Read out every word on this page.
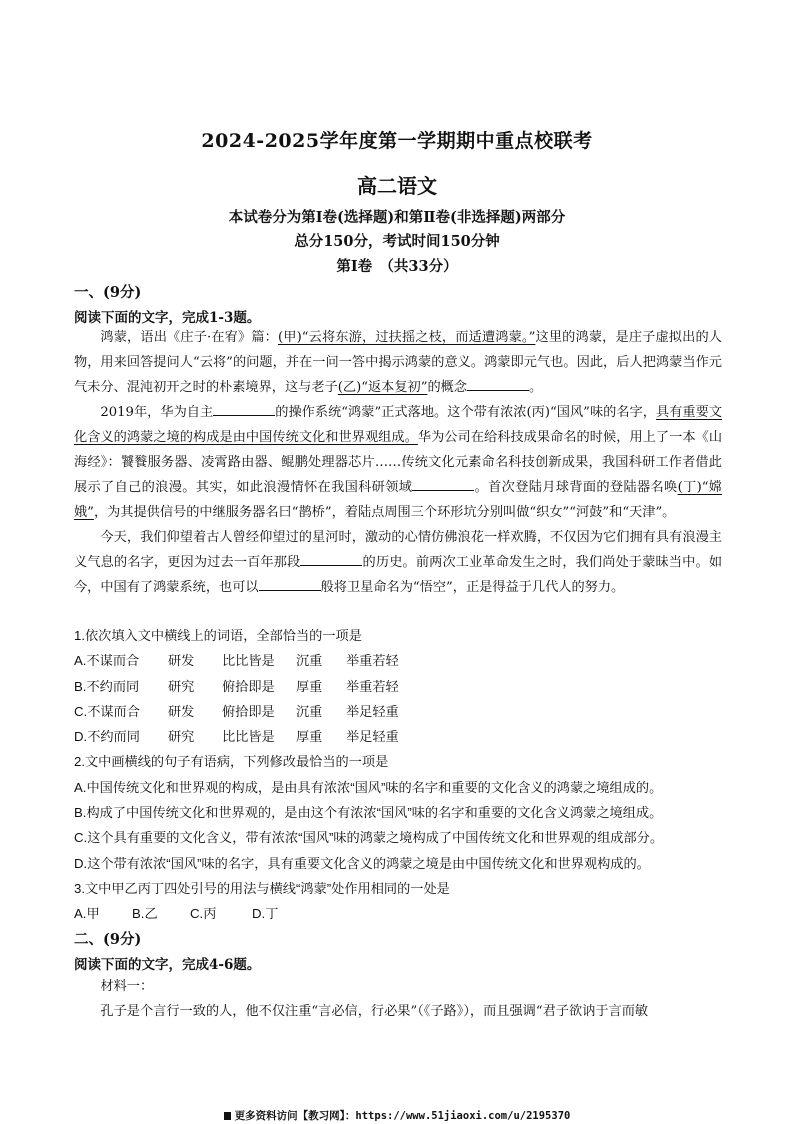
2024-2025学年度第一学期期中重点校联考
高二语文
本试卷分为第Ⅰ卷(选择题)和第Ⅱ卷(非选择题)两部分
总分150分，考试时间150分钟
第Ⅰ卷　（共33分）
一、(9分)
阅读下面的文字，完成1-3题。

鸿蒙，语出《庄子·在宥》篇：(甲)“云将东游，过扶摇之枝，而适遭鸿蒙。”这里的鸿蒙，是庄子虚拟出的人物，用来回答提问人“云将”的问题，并在一问一答中揭示鸿蒙的意义。鸿蒙即元气也。因此，后人把鸿蒙当作元气未分、混沌初开之时的朴素境界，这与老子(乙)“返本复初”的概念	。

2019年，华为自主	的操作系统“鸿蒙”正式落地。这个带有浓浓(丙)“国风”味的名字，具有重要文化含义的鸿蒙之境的构成是由中国传统文化和世界观组成。华为公司在给科技成果命名的时候，用上了一本《山海经》：饕餮服务器、凌霄路由器、鲲鹏处理器芯片……传统文化元素命名科技创新成果，我国科研工作者借此展示了自己的浪漫。其实，如此浪漫情怀在我国科研领域	。首次登陆月球背面的登陆器名唤(丁)“嫦娥”，为其提供信号的中继服务器名曰“鹊桥”，着陆点周围三个环形坑分别叫做“织女”“河鼓”和“天津”。

今天，我们仰望着古人曾经仰望过的星河时，激动的心情仿佛浪花一样欢腾，不仅因为它们拥有具有浪漫主义气息的名字，更因为过去一百年那段	的历史。前两次工业革命发生之时，我们尚处于蒙昧当中。如今，中国有了鸿蒙系统，也可以	般将卫星命名为“悟空”，正是得益于几代人的努力。

1.依次填入文中横线上的词语，全部恰当的一项是
A.不谋而合 研发 比比皆是 沉重 举重若轻
B.不约而同 研究 俯拾即是 厚重 举重若轻
C.不谋而合 研发 俯拾即是 沉重 举足轻重
D.不约而同 研究 比比皆是 厚重 举足轻重
2.文中画横线的句子有语病，下列修改最恰当的一项是
A.中国传统文化和世界观的构成，是由具有浓浓“国风”味的名字和重要的文化含义的鸿蒙之境组成的。
B.构成了中国传统文化和世界观的，是由这个有浓浓“国风”味的名字和重要的文化含义鸿蒙之境组成。
C.这个具有重要的文化含义，带有浓浓“国风”味的鸿蒙之境构成了中国传统文化和世界观的组成部分。
D.这个带有浓浓“国风”味的名字，具有重要文化含义的鸿蒙之境是由中国传统文化和世界观构成的。
3.文中甲乙丙丁四处引号的用法与横线“鸿蒙”处作用相同的一处是
A.甲 B.乙 C.丙	D.丁
二、(9分)
阅读下面的文字，完成4-6题。

材料一：

孔子是个言行一致的人，他不仅注重“言必信，行必果”（《子路》），而且强调“君子欲讷于言而敏

更多资料访问【教习网】：https://www.51jiaoxi.com/u/2195370
